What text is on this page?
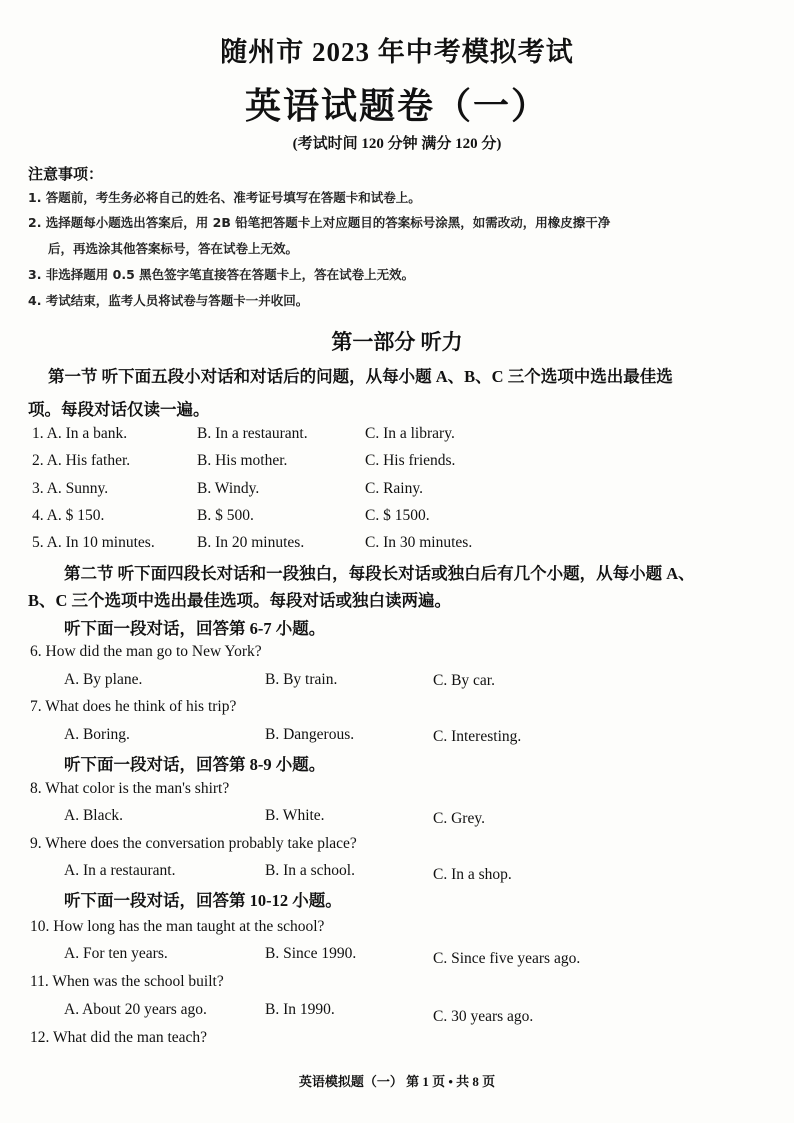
随州市 2023 年中考模拟考试
英语试题卷（一）
(考试时间 120 分钟 满分 120 分)
注意事项：
1. 答题前，考生务必将自己的姓名、准考证号填写在答题卡和试卷上。
2. 选择题每小题选出答案后，用 2B 铅笔把答题卡上对应题目的答案标号涂黑，如需改动，用橡皮擦干净
后，再选涂其他答案标号，答在试卷上无效。
3. 非选择题用 0.5 黑色签字笔直接答在答题卡上，答在试卷上无效。
4. 考试结束，监考人员将试卷与答题卡一并收回。
第一部分 听力
第一节 听下面五段小对话和对话后的问题，从每小题 A、B、C 三个选项中选出最佳选
项。每段对话仅读一遍。
1. A. In a bank.	B. In a restaurant.	C. In a library.
2. A. His father.	B. His mother.	C. His friends.
3. A. Sunny.	B. Windy.	C. Rainy.
4. A. $ 150.	B. $ 500.	C. $ 1500.
5. A. In 10 minutes.	B. In 20 minutes.	C. In 30 minutes.
第二节 听下面四段长对话和一段独白，每段长对话或独白后有几个小题，从每小题 A、
B、C 三个选项中选出最佳选项。每段对话或独白读两遍。
听下面一段对话，回答第 6-7 小题。
6. How did the man go to New York?
A. By plane.	B. By train.	C. By car.
7. What does he think of his trip?
A. Boring.	B. Dangerous.	C. Interesting.
听下面一段对话，回答第 8-9 小题。
8. What color is the man's shirt?
A. Black.	B. White.	C. Grey.
9. Where does the conversation probably take place?
A. In a restaurant.	B. In a school.	C. In a shop.
听下面一段对话，回答第 10-12 小题。
10. How long has the man taught at the school?
A. For ten years.	B. Since 1990.	C. Since five years ago.
11. When was the school built?
A. About 20 years ago.	B. In 1990.	C. 30 years ago.
12. What did the man teach?
英语模拟题（一） 第 1 页 • 共 8 页
